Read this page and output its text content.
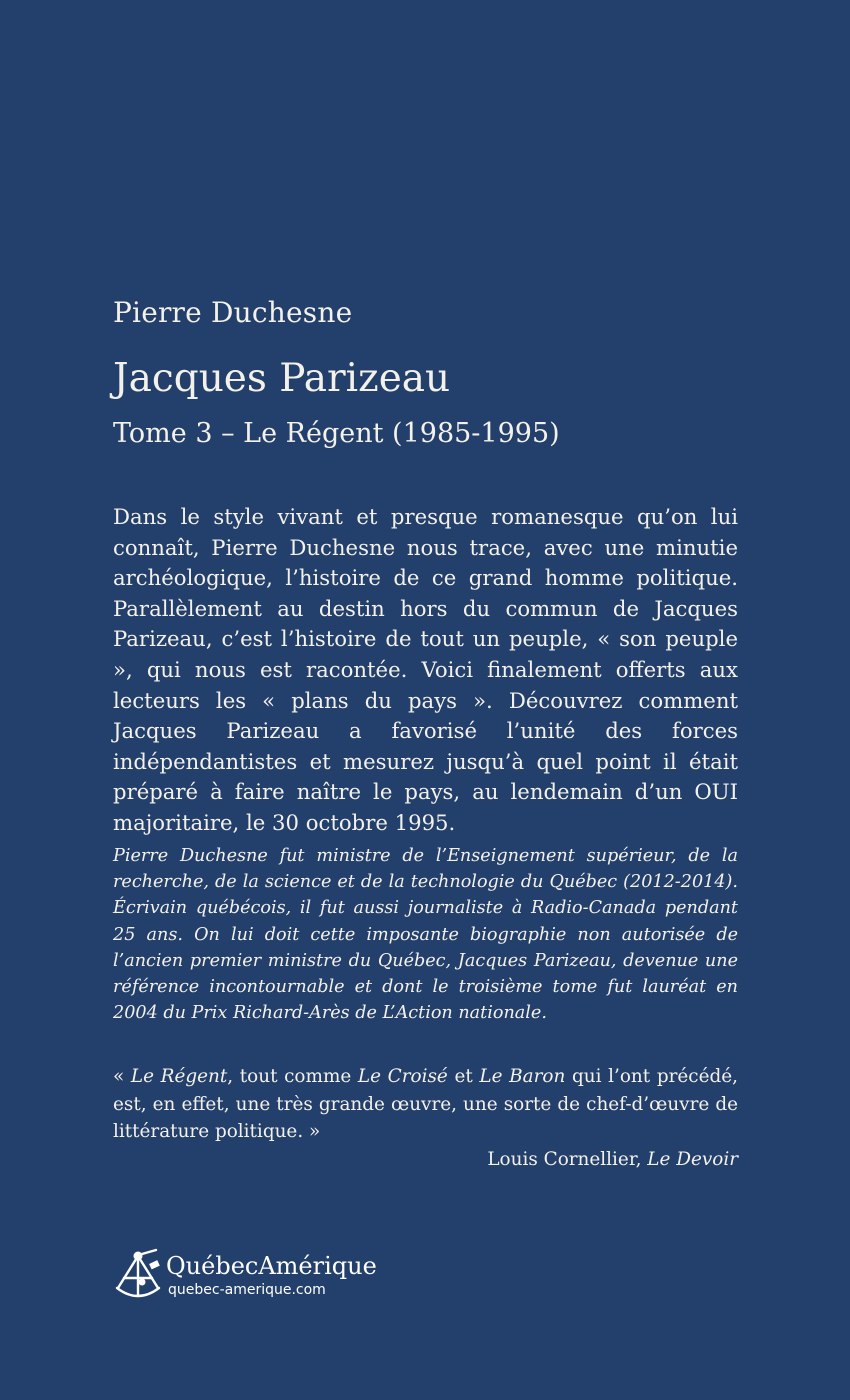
Pierre Duchesne
Jacques Parizeau
Tome 3 – Le Régent (1985-1995)

Dans le style vivant et presque romanesque qu’on lui connaît, Pierre Duchesne nous trace, avec une minutie archéologique, l’histoire de ce grand homme politique. Parallèlement au destin hors du commun de Jacques Parizeau, c’est l’histoire de tout un peuple, « son peuple », qui nous est racontée. Voici finalement offerts aux lecteurs les « plans du pays ». Découvrez comment Jacques Parizeau a favorisé l’unité des forces indépendantistes et mesurez jusqu’à quel point il était préparé à faire naître le pays, au lendemain d’un OUI majoritaire, le 30 octobre 1995.

Pierre Duchesne fut ministre de l’Enseignement supérieur, de la recherche, de la science et de la technologie du Québec (2012-2014). Écrivain québécois, il fut aussi journaliste à Radio-Canada pendant 25 ans. On lui doit cette imposante biographie non autorisée de l’ancien premier ministre du Québec, Jacques Parizeau, devenue une référence incontournable et dont le troisième tome fut lauréat en 2004 du Prix Richard-Arès de L’Action nationale.

« Le Régent, tout comme Le Croisé et Le Baron qui l’ont précédé, est, en effet, une très grande œuvre, une sorte de chef-d’œuvre de littérature politique. »

Louis Cornellier, Le Devoir

QuébecAmérique
quebec-amerique.com
